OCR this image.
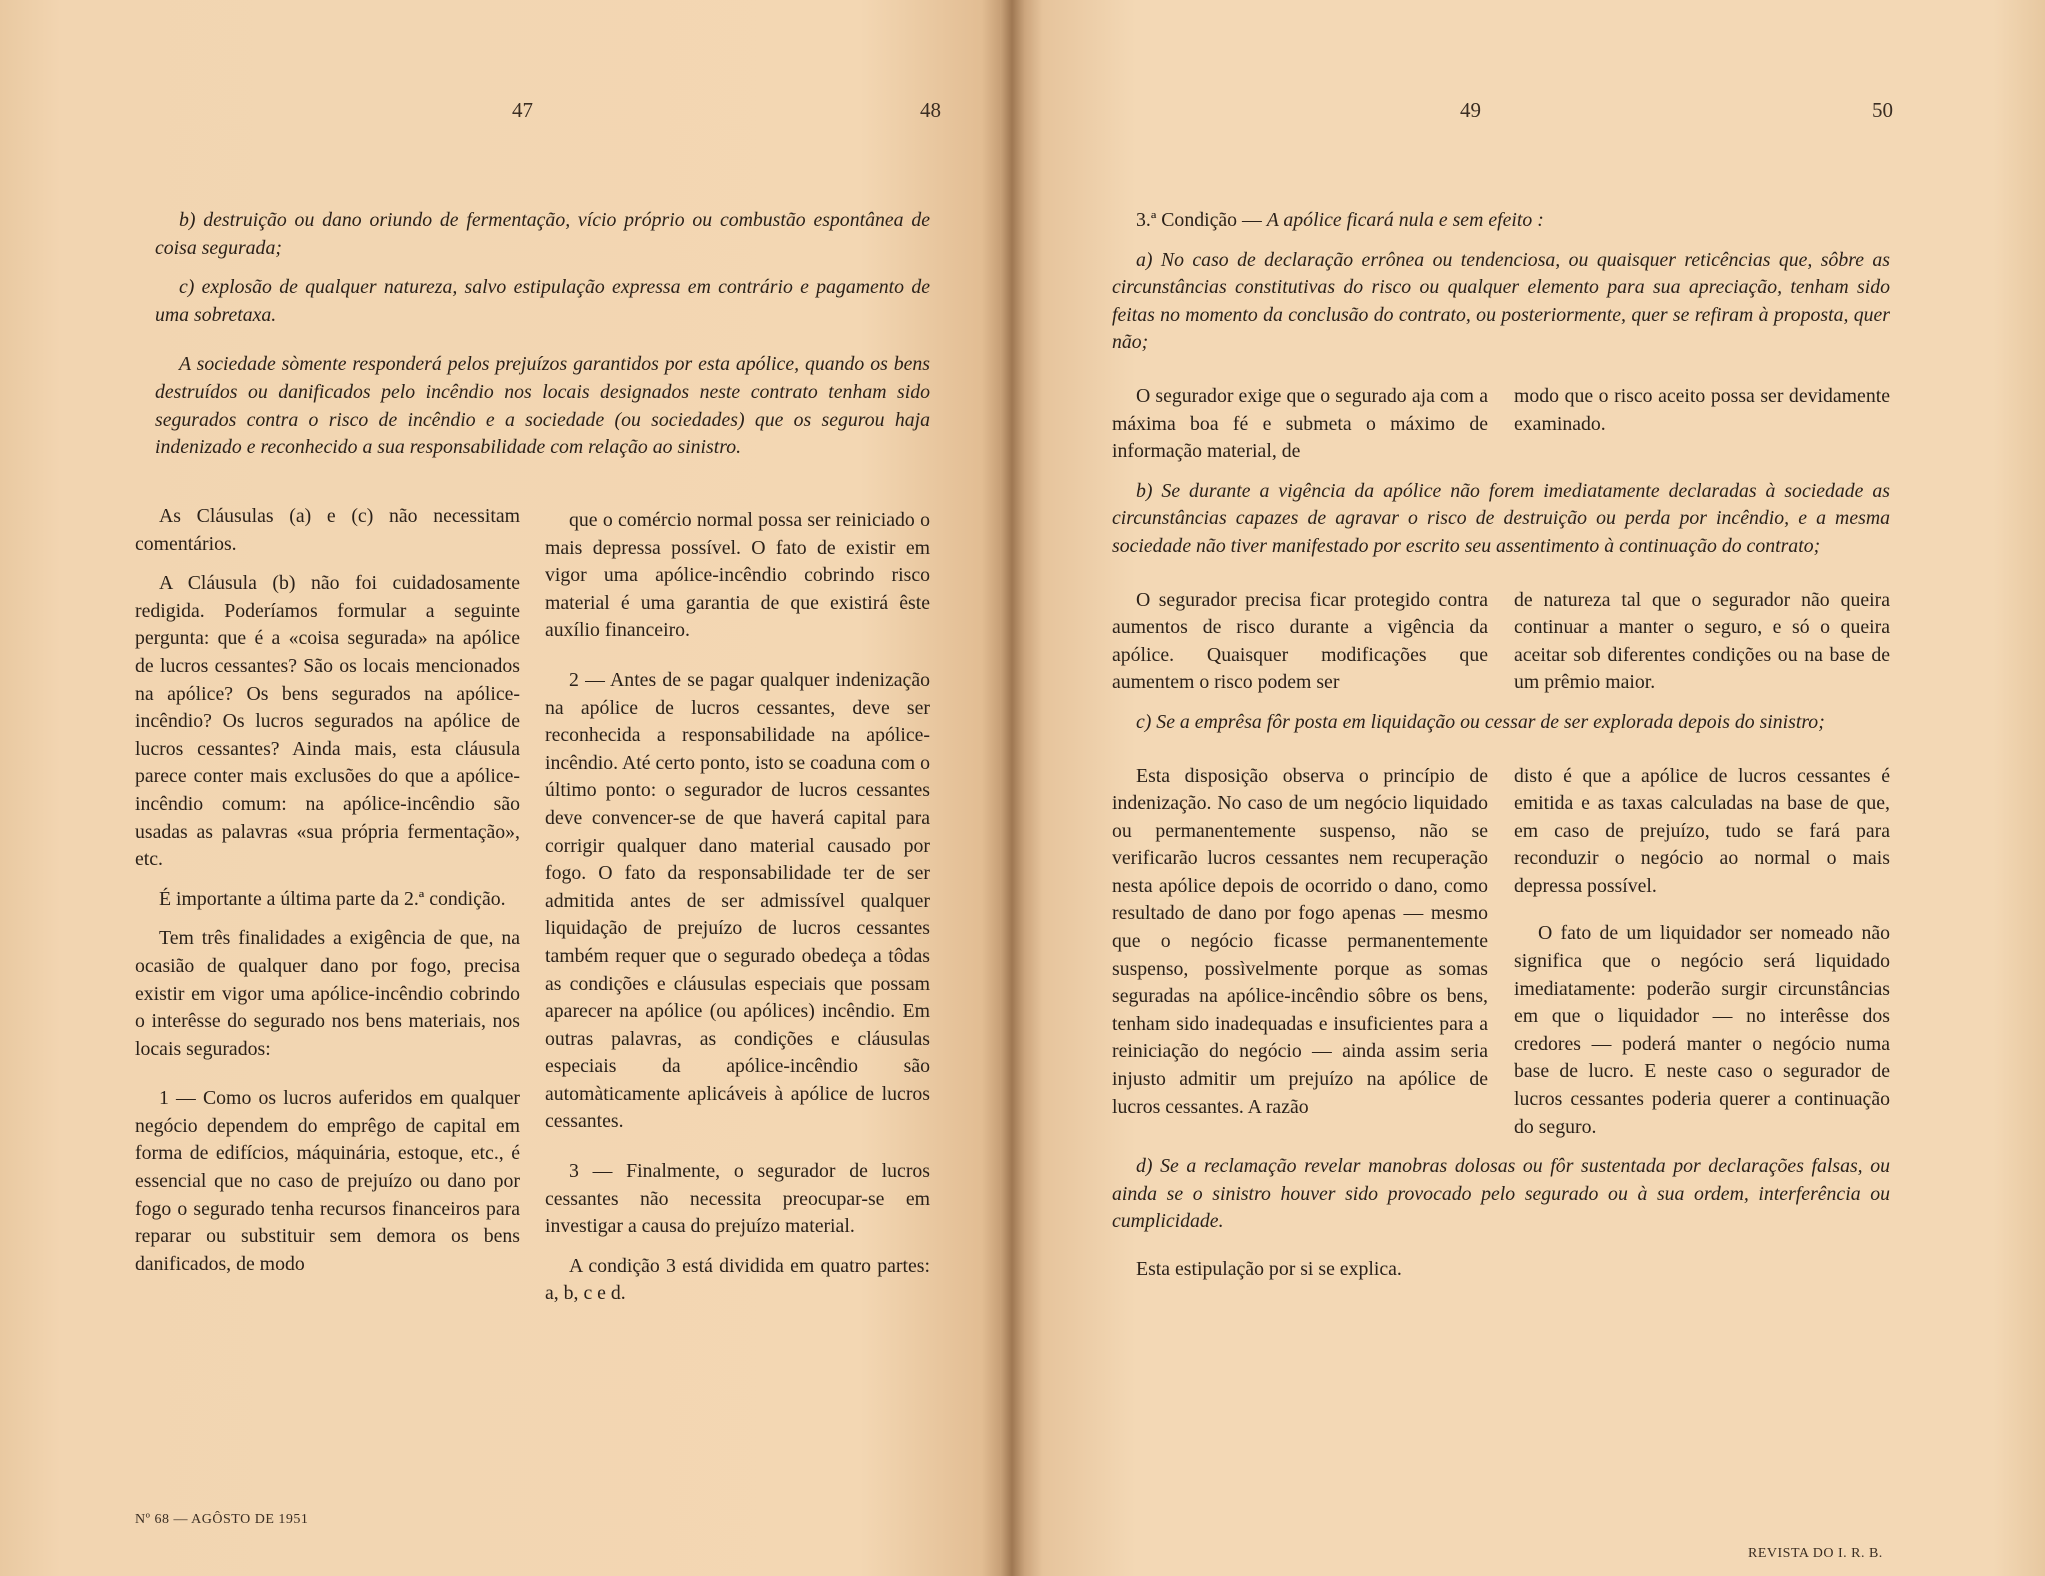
47	48	49	50

b) destruição ou dano oriundo de fermentação, vício próprio ou combustão espontânea de coisa segurada;

c) explosão de qualquer natureza, salvo estipulação expressa em contrário e pagamento de uma sobretaxa.

A sociedade sòmente responderá pelos prejuízos garantidos por esta apólice, quando os bens destruídos ou danificados pelo incêndio nos locais designados neste contrato tenham sido segurados contra o risco de incêndio e a sociedade (ou sociedades) que os segurou haja indenizado e reconhecido a sua responsabilidade com relação ao sinistro.

As Cláusulas (a) e (c) não necessitam comentários.

A Cláusula (b) não foi cuidadosamente redigida. Poderíamos formular a seguinte pergunta: que é a «coisa segurada» na apólice de lucros cessantes? São os locais mencionados na apólice? Os bens segurados na apólice-incêndio? Os lucros segurados na apólice de lucros cessantes? Ainda mais, esta cláusula parece conter mais exclusões do que a apólice-incêndio comum: na apólice-incêndio são usadas as palavras «sua própria fermentação», etc.

É importante a última parte da 2.ª condição.

Tem três finalidades a exigência de que, na ocasião de qualquer dano por fogo, precisa existir em vigor uma apólice-incêndio cobrindo o interêsse do segurado nos bens materiais, nos locais segurados:

1 — Como os lucros auferidos em qualquer negócio dependem do emprêgo de capital em forma de edifícios, máquinária, estoque, etc., é essencial que no caso de prejuízo ou dano por fogo o segurado tenha recursos financeiros para reparar ou substituir sem demora os bens danificados, de modo

que o comércio normal possa ser reiniciado o mais depressa possível. O fato de existir em vigor uma apólice-incêndio cobrindo risco material é uma garantia de que existirá êste auxílio financeiro.

2 — Antes de se pagar qualquer indenização na apólice de lucros cessantes, deve ser reconhecida a responsabilidade na apólice-incêndio. Até certo ponto, isto se coaduna com o último ponto: o segurador de lucros cessantes deve convencer-se de que haverá capital para corrigir qualquer dano material causado por fogo. O fato da responsabilidade ter de ser admitida antes de ser admissível qualquer liquidação de prejuízo de lucros cessantes também requer que o segurado obedeça a tôdas as condições e cláusulas especiais que possam aparecer na apólice (ou apólices) incêndio. Em outras palavras, as condições e cláusulas especiais da apólice-incêndio são automàticamente aplicáveis à apólice de lucros cessantes.

3 — Finalmente, o segurador de lucros cessantes não necessita preocupar-se em investigar a causa do prejuízo material.

A condição 3 está dividida em quatro partes: a, b, c e d.

Nº 68 — AGÔSTO DE 1951

3.ª Condição — A apólice ficará nula e sem efeito :

a) No caso de declaração errônea ou tendenciosa, ou quaisquer reticências que, sôbre as circunstâncias constitutivas do risco ou qualquer elemento para sua apreciação, tenham sido feitas no momento da conclusão do contrato, ou posteriormente, quer se refiram à proposta, quer não;

O segurador exige que o segurado aja com a máxima boa fé e submeta o máximo de informação material, de

modo que o risco aceito possa ser devidamente examinado.

b) Se durante a vigência da apólice não forem imediatamente declaradas à sociedade as circunstâncias capazes de agravar o risco de destruição ou perda por incêndio, e a mesma sociedade não tiver manifestado por escrito seu assentimento à continuação do contrato;

O segurador precisa ficar protegido contra aumentos de risco durante a vigência da apólice. Quaisquer modificações que aumentem o risco podem ser

de natureza tal que o segurador não queira continuar a manter o seguro, e só o queira aceitar sob diferentes condições ou na base de um prêmio maior.

c) Se a emprêsa fôr posta em liquidação ou cessar de ser explorada depois do sinistro;

Esta disposição observa o princípio de indenização. No caso de um negócio liquidado ou permanentemente suspenso, não se verificarão lucros cessantes nem recuperação nesta apólice depois de ocorrido o dano, como resultado de dano por fogo apenas — mesmo que o negócio ficasse permanentemente suspenso, possìvelmente porque as somas seguradas na apólice-incêndio sôbre os bens, tenham sido inadequadas e insuficientes para a reiniciação do negócio — ainda assim seria injusto admitir um prejuízo na apólice de lucros cessantes. A razão

disto é que a apólice de lucros cessantes é emitida e as taxas calculadas na base de que, em caso de prejuízo, tudo se fará para reconduzir o negócio ao normal o mais depressa possível.

O fato de um liquidador ser nomeado não significa que o negócio será liquidado imediatamente: poderão surgir circunstâncias em que o liquidador — no interêsse dos credores — poderá manter o negócio numa base de lucro. E neste caso o segurador de lucros cessantes poderia querer a continuação do seguro.

d) Se a reclamação revelar manobras dolosas ou fôr sustentada por declarações falsas, ou ainda se o sinistro houver sido provocado pelo segurado ou à sua ordem, interferência ou cumplicidade.

Esta estipulação por si se explica.

REVISTA DO I. R. B.
